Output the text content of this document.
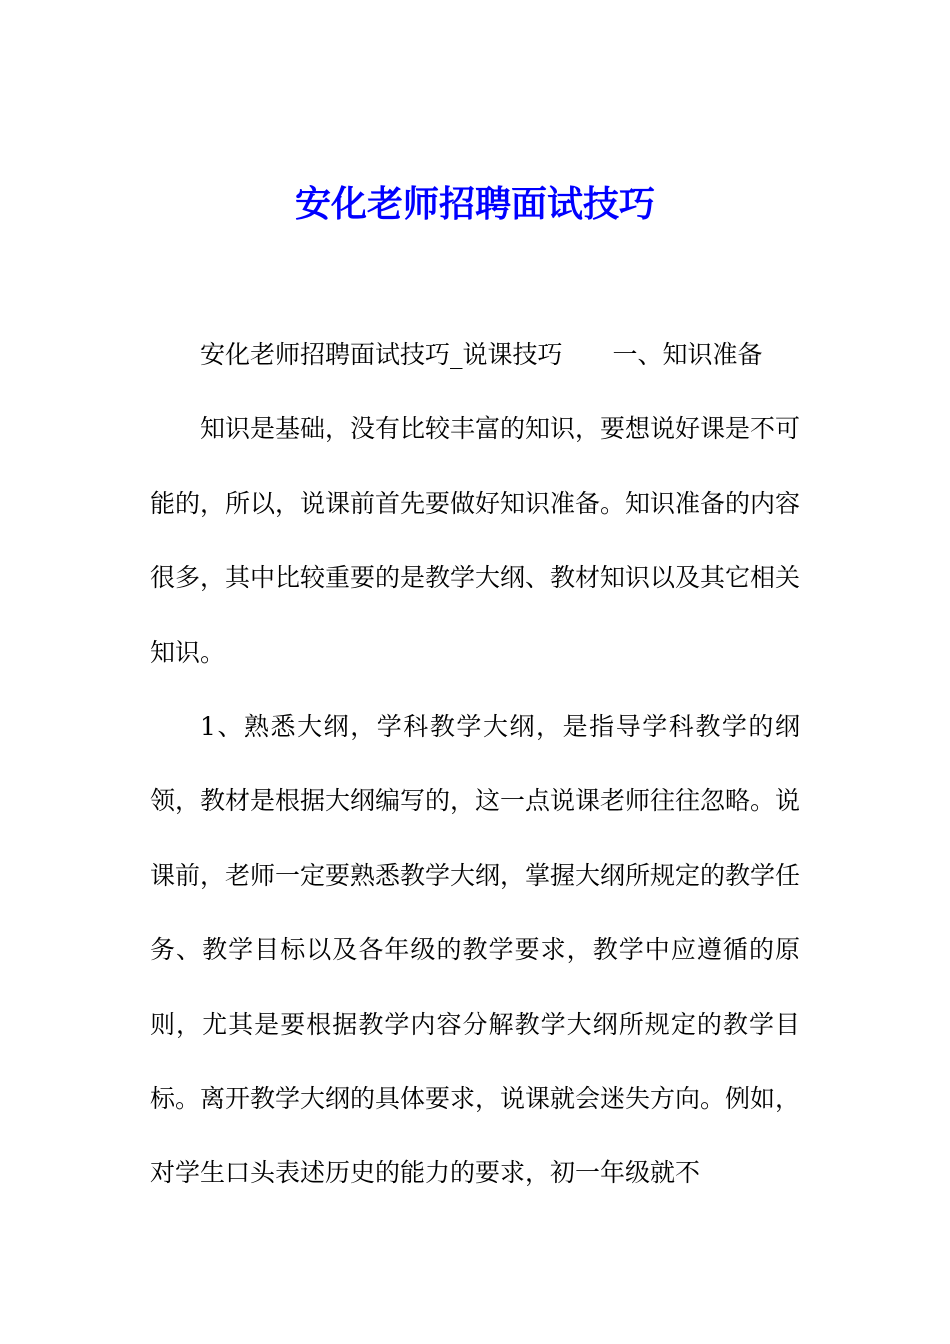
安化老师招聘面试技巧

安化老师招聘面试技巧_说课技巧 一、知识准备

知识是基础，没有比较丰富的知识，要想说好课是不可能的，所以，说课前首先要做好知识准备。知识准备的内容很多，其中比较重要的是教学大纲、教材知识以及其它相关知识。

1、熟悉大纲，学科教学大纲，是指导学科教学的纲领，教材是根据大纲编写的，这一点说课老师往往忽略。说课前，老师一定要熟悉教学大纲，掌握大纲所规定的教学任务、教学目标以及各年级的教学要求，教学中应遵循的原则，尤其是要根据教学内容分解教学大纲所规定的教学目标。离开教学大纲的具体要求，说课就会迷失方向。例如，对学生口头表述历史的能力的要求，初一年级就不
